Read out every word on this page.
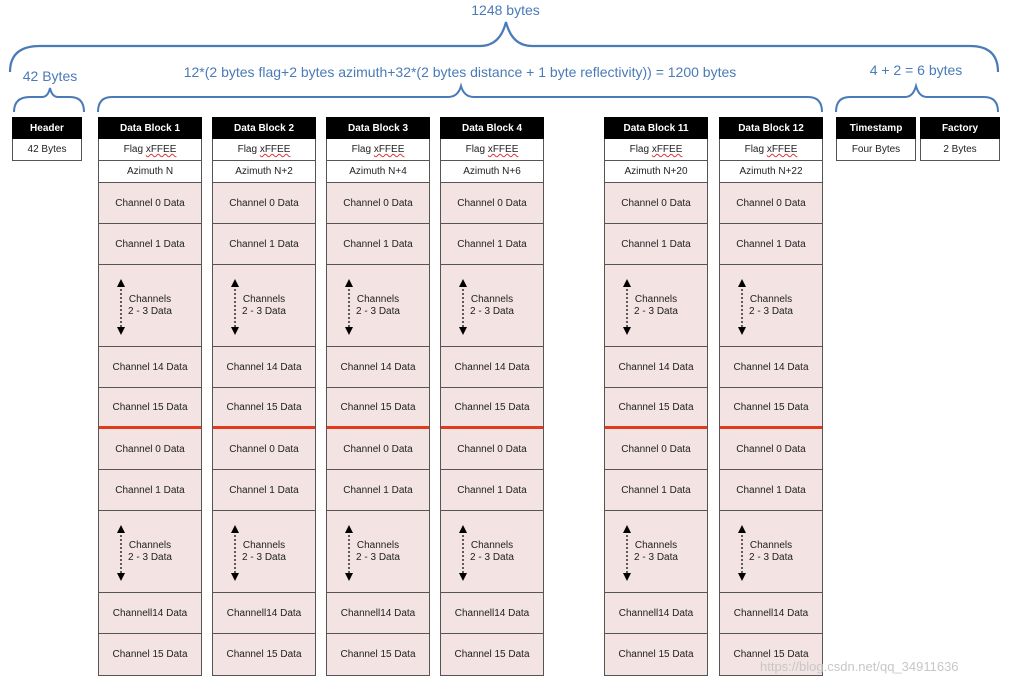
1248 bytes
42 Bytes	12*(2 bytes flag+2 bytes azimuth+32*(2 bytes distance + 1 byte reflectivity)) = 1200 bytes	4 + 2 = 6 bytes
Header
42 Bytes
Timestamp
Four Bytes
Factory
2 Bytes
Data Block 1
Flag xFFEE
Azimuth N
Channel 0 Data
Channel 1 Data
Channels
2 - 3 Data
Channel 14 Data
Channel 15 Data
Channel 0 Data
Channel 1 Data
Channels
2 - 3 Data
Channell14 Data
Channel 15 Data
Data Block 2
Flag xFFEE
Azimuth N+2
Channel 0 Data
Channel 1 Data
Channels
2 - 3 Data
Channel 14 Data
Channel 15 Data
Channel 0 Data
Channel 1 Data
Channels
2 - 3 Data
Channell14 Data
Channel 15 Data
Data Block 3
Flag xFFEE
Azimuth N+4
Channel 0 Data
Channel 1 Data
Channels
2 - 3 Data
Channel 14 Data
Channel 15 Data
Channel 0 Data
Channel 1 Data
Channels
2 - 3 Data
Channell14 Data
Channel 15 Data
Data Block 4
Flag xFFEE
Azimuth N+6
Channel 0 Data
Channel 1 Data
Channels
2 - 3 Data
Channel 14 Data
Channel 15 Data
Channel 0 Data
Channel 1 Data
Channels
2 - 3 Data
Channell14 Data
Channel 15 Data
Data Block 11
Flag xFFEE
Azimuth N+20
Channel 0 Data
Channel 1 Data
Channels
2 - 3 Data
Channel 14 Data
Channel 15 Data
Channel 0 Data
Channel 1 Data
Channels
2 - 3 Data
Channell14 Data
Channel 15 Data
Data Block 12
Flag xFFEE
Azimuth N+22
Channel 0 Data
Channel 1 Data
Channels
2 - 3 Data
Channel 14 Data
Channel 15 Data
Channel 0 Data
Channel 1 Data
Channels
2 - 3 Data
Channell14 Data
Channel 15 Data
https://blog.csdn.net/qq_34911636
